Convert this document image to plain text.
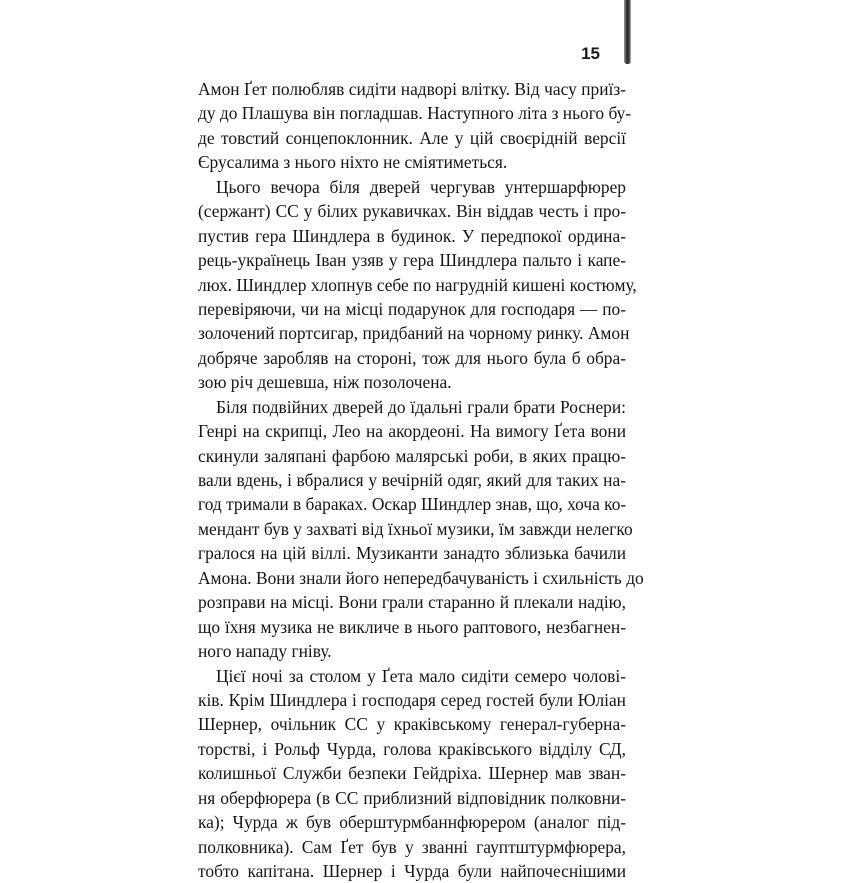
15
Амон Ґет полюбляв сидіти надворі влітку. Від часу приїз-
ду до Плашува він погладшав. Наступного літа з нього бу-
де товстий сонцепоклонник. Але у цій своєрідній версії
Єрусалима з нього ніхто не сміятиметься.
Цього вечора біля дверей чергував унтершарфюрер
(сержант) СС у білих рукавичках. Він віддав честь і про-
пустив гера Шиндлера в будинок. У передпокої ордина-
рець-українець Іван узяв у гера Шиндлера пальто і капе-
люх. Шиндлер хлопнув себе по нагрудній кишені костюму,
перевіряючи, чи на місці подарунок для господаря — по-
золочений портсигар, придбаний на чорному ринку. Амон
добряче заробляв на стороні, тож для нього була б обра-
зою річ дешевша, ніж позолочена.
Біля подвійних дверей до їдальні грали брати Роснери:
Генрі на скрипці, Лео на акордеоні. На вимогу Ґета вони
скинули заляпані фарбою малярські роби, в яких працю-
вали вдень, і вбралися у вечірній одяг, який для таких на-
год тримали в бараках. Оскар Шиндлер знав, що, хоча ко-
мендант був у захваті від їхньої музики, їм завжди нелегко
гралося на цій віллі. Музиканти занадто зблизька бачили
Амона. Вони знали його непередбачуваність і схильність до
розправи на місці. Вони грали старанно й плекали надію,
що їхня музика не викличе в нього раптового, незбагнен-
ного нападу гніву.
Цієї ночі за столом у Ґета мало сидіти семеро чолові-
ків. Крім Шиндлера і господаря серед гостей були Юліан
Шернер, очільник СС у краківському генерал-губерна-
торстві, і Рольф Чурда, голова краківського відділу СД,
колишньої Служби безпеки Гейдріха. Шернер мав зван-
ня оберфюрера (в СС приблизний відповідник полковни-
ка); Чурда ж був оберштурмбаннфюрером (аналог під-
полковника). Сам Ґет був у званні гауптштурмфюрера,
тобто капітана. Шернер і Чурда були найпочеснішими
